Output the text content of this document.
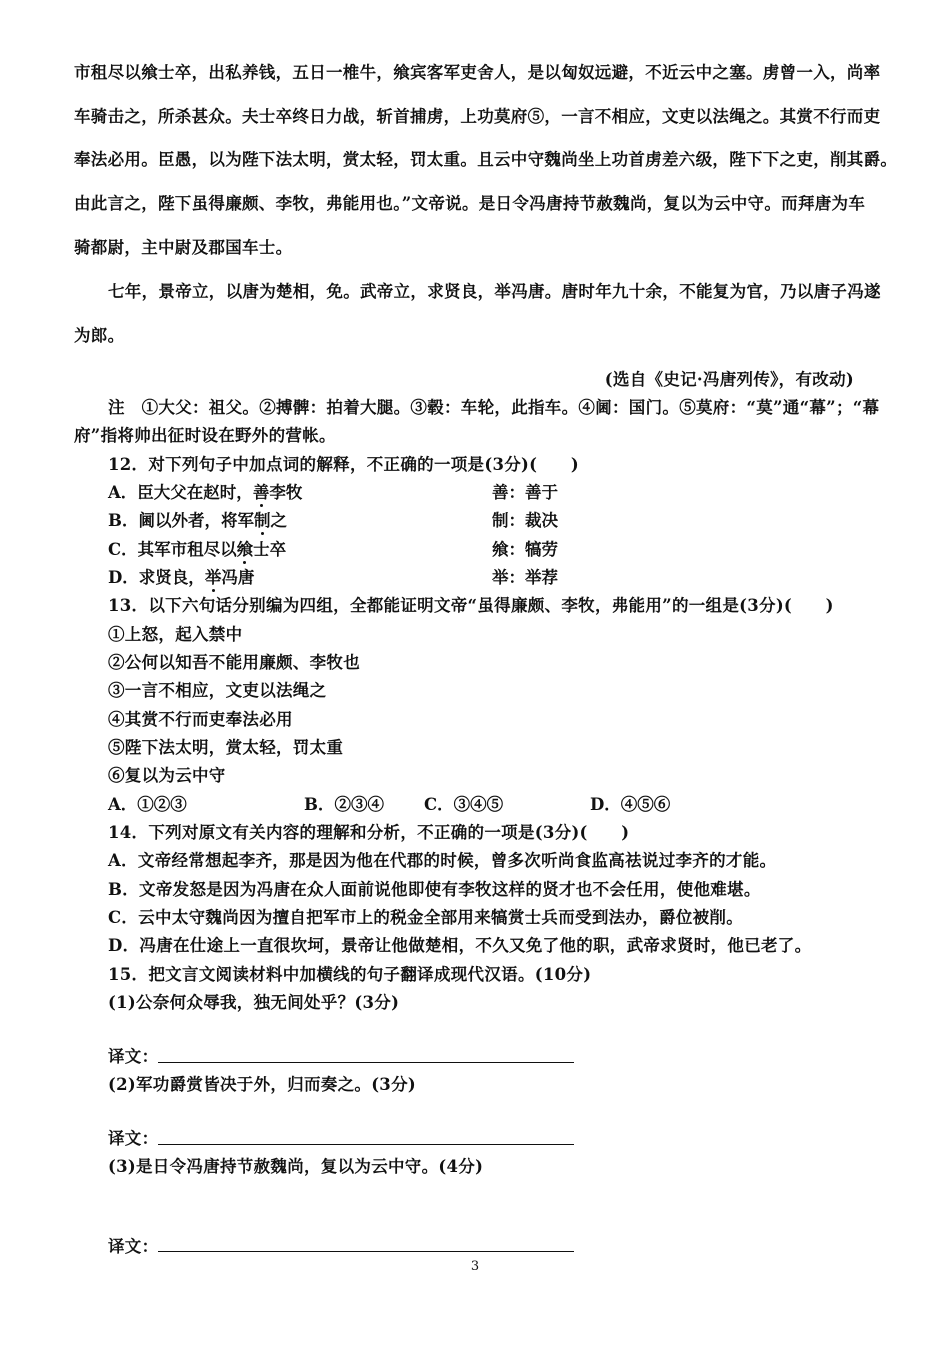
市租尽以飨士卒，出私养钱，五日一椎牛，飨宾客军吏舍人，是以匈奴远避，不近云中之塞。虏曾一入，尚率
车骑击之，所杀甚众。夫士卒终日力战，斩首捕虏，上功莫府⑤，一言不相应，文吏以法绳之。其赏不行而吏
奉法必用。臣愚，以为陛下法太明，赏太轻，罚太重。且云中守魏尚坐上功首虏差六级，陛下下之吏，削其爵。
由此言之，陛下虽得廉颇、李牧，弗能用也。”文帝说。是日令冯唐持节赦魏尚，复以为云中守。而拜唐为车
骑都尉，主中尉及郡国车士。
七年，景帝立，以唐为楚相，免。武帝立，求贤良，举冯唐。唐时年九十余，不能复为官，乃以唐子冯遂
为郎。
(选自《史记·冯唐列传》，有改动)
注　①大父：祖父。②搏髀：拍着大腿。③毂：车轮，此指车。④阃：国门。⑤莫府：“莫”通“幕”；“幕
府”指将帅出征时设在野外的营帐。
12．对下列句子中加点词的解释，不正确的一项是(3分)(　　)
A．臣大父在赵时，善李牧	善：善于
B．阃以外者，将军制之	制：裁决
C．其军市租尽以飨士卒	飨：犒劳
D．求贤良，举冯唐	举：举荐
13．以下六句话分别编为四组，全都能证明文帝“虽得廉颇、李牧，弗能用”的一组是(3分)(　　)
①上怒，起入禁中
②公何以知吾不能用廉颇、李牧也
③一言不相应，文吏以法绳之
④其赏不行而吏奉法必用
⑤陛下法太明，赏太轻，罚太重
⑥复以为云中守
A．①②③	B．②③④ C．③④⑤	D．④⑤⑥
14．下列对原文有关内容的理解和分析，不正确的一项是(3分)(　　)
A．文帝经常想起李齐，那是因为他在代郡的时候，曾多次听尚食监高祛说过李齐的才能。
B．文帝发怒是因为冯唐在众人面前说他即使有李牧这样的贤才也不会任用，使他难堪。
C．云中太守魏尚因为擅自把军市上的税金全部用来犒赏士兵而受到法办，爵位被削。
D．冯唐在仕途上一直很坎坷，景帝让他做楚相，不久又免了他的职，武帝求贤时，他已老了。
15．把文言文阅读材料中加横线的句子翻译成现代汉语。(10分)
(1)公奈何众辱我，独无间处乎？(3分)
译文：
(2)军功爵赏皆决于外，归而奏之。(3分)
译文：
(3)是日令冯唐持节赦魏尚，复以为云中守。(4分)
译文：
3
